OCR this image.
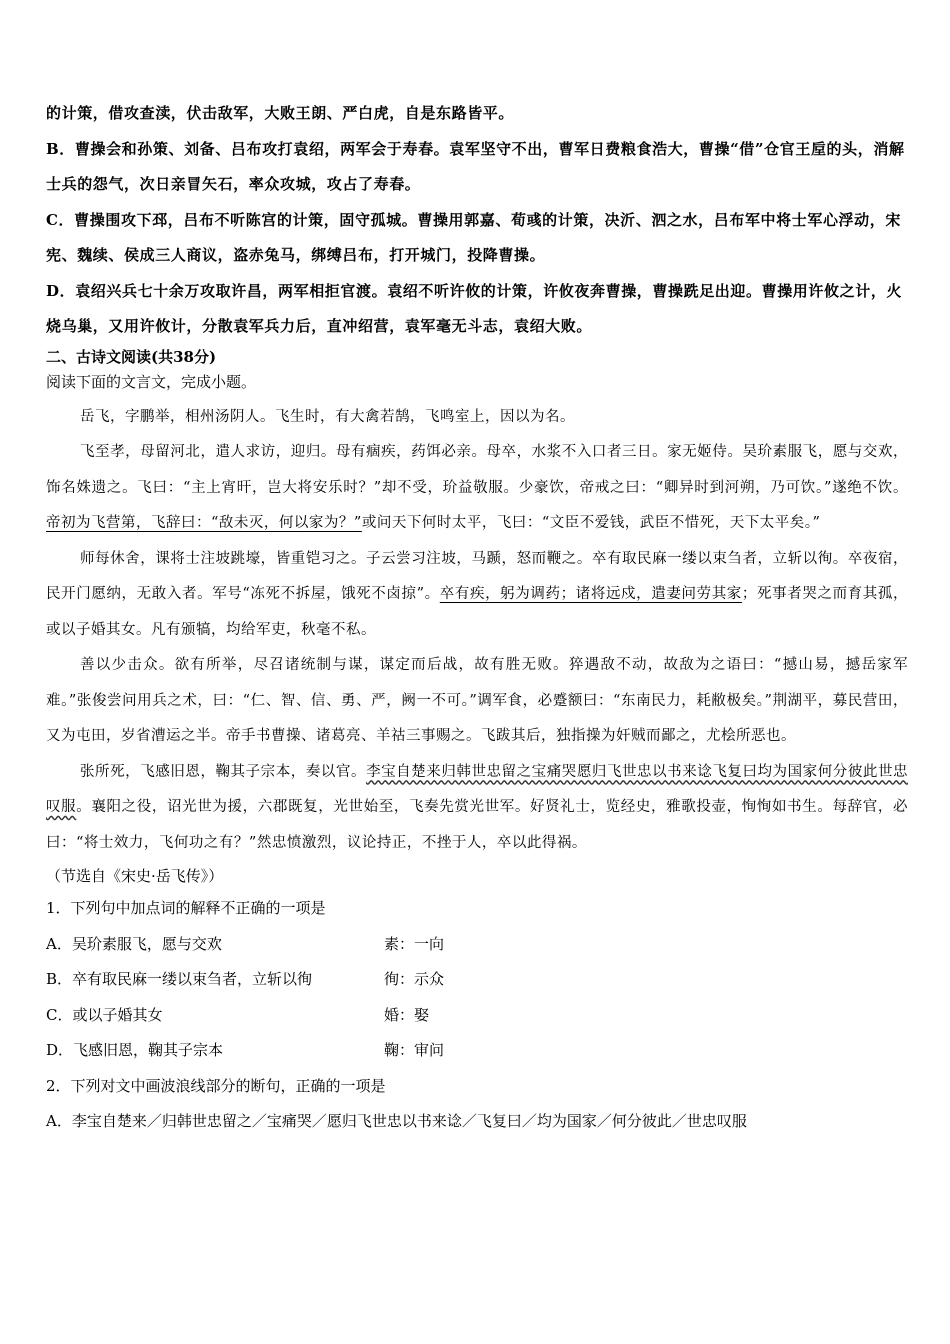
的计策，借攻查渎，伏击敌军，大败王朗、严白虎，自是东路皆平。

B．曹操会和孙策、刘备、吕布攻打袁绍，两军会于寿春。袁军坚守不出，曹军日费粮食浩大，曹操“借”仓官王垕的头，消解士兵的怨气，次日亲冒矢石，率众攻城，攻占了寿春。

C．曹操围攻下邳，吕布不听陈宫的计策，固守孤城。曹操用郭嘉、荀彧的计策，决沂、泗之水，吕布军中将士军心浮动，宋宪、魏续、侯成三人商议，盗赤兔马，绑缚吕布，打开城门，投降曹操。

D．袁绍兴兵七十余万攻取许昌，两军相拒官渡。袁绍不听许攸的计策，许攸夜奔曹操，曹操跣足出迎。曹操用许攸之计，火烧乌巢，又用许攸计，分散袁军兵力后，直冲绍营，袁军毫无斗志，袁绍大败。

二、古诗文阅读(共38分)

阅读下面的文言文，完成小题。

岳飞，字鹏举，相州汤阴人。飞生时，有大禽若鹄，飞鸣室上，因以为名。

飞至孝，母留河北，遣人求访，迎归。母有痼疾，药饵必亲。母卒，水浆不入口者三日。家无姬侍。吴玠素服飞，愿与交欢，饰名姝遗之。飞曰：“主上宵旰，岂大将安乐时？”却不受，玠益敬服。少豪饮，帝戒之曰：“卿异时到河朔，乃可饮。”遂绝不饮。帝初为飞营第，飞辞曰：“敌未灭，何以家为？”或问天下何时太平，飞曰：“文臣不爱钱，武臣不惜死，天下太平矣。”

师每休舍，课将士注坡跳壕，皆重铠习之。子云尝习注坡，马踬，怒而鞭之。卒有取民麻一缕以束刍者，立斩以徇。卒夜宿，民开门愿纳，无敢入者。军号“冻死不拆屋，饿死不卤掠”。卒有疾，躬为调药；诸将远戍，遣妻问劳其家；死事者哭之而育其孤，或以子婚其女。凡有颁犒，均给军吏，秋毫不私。

善以少击众。欲有所举，尽召诸统制与谋，谋定而后战，故有胜无败。猝遇敌不动，故敌为之语曰：“撼山易，撼岳家军难。”张俊尝问用兵之术，曰：“仁、智、信、勇、严，阙一不可。”调军食，必蹙额曰：“东南民力，耗敝极矣。”荆湖平，募民营田，又为屯田，岁省漕运之半。帝手书曹操、诸葛亮、羊祜三事赐之。飞跋其后，独指操为奸贼而鄙之，尤桧所恶也。

张所死，飞感旧恩，鞠其子宗本，奏以官。李宝自楚来归韩世忠留之宝痛哭愿归飞世忠以书来谂飞复曰均为国家何分彼此世忠叹服。襄阳之役，诏光世为援，六郡既复，光世始至，飞奏先赏光世军。好贤礼士，览经史，雅歌投壶，恂恂如书生。每辞官，必曰：“将士效力，飞何功之有？”然忠愤激烈，议论持正，不挫于人，卒以此得祸。

（节选自《宋史·岳飞传》）

1．下列句中加点词的解释不正确的一项是

A．吴玠素服飞，愿与交欢	素：一向
B．卒有取民麻一缕以束刍者，立斩以徇	徇：示众
C．或以子婚其女	婚：娶
D．飞感旧恩，鞠其子宗本	鞠：审问

2．下列对文中画波浪线部分的断句，正确的一项是

A．李宝自楚来／归韩世忠留之／宝痛哭／愿归飞世忠以书来谂／飞复曰／均为国家／何分彼此／世忠叹服
